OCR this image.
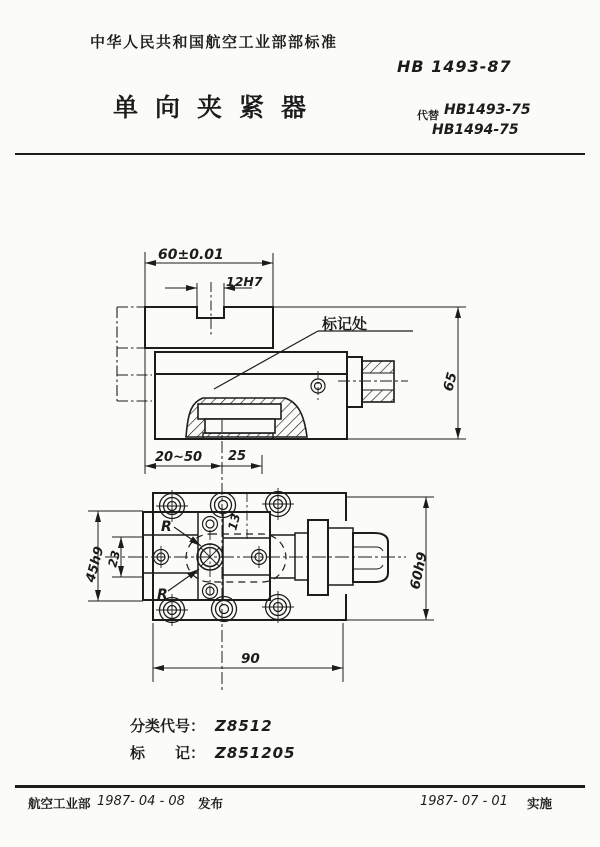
中华人民共和国航空工业部部标准
HB 1493-87
单向夹紧器	代替 HB1493-75
HB1494-75
60±0.01
12H7
标记处
65
20~50 25
R
R
13
45h9
23	60h9
90
分类代号： Z8512
标　　记： Z851205
航空工业部 1987- 04 - 08 发布	1987- 07 - 01 实施
